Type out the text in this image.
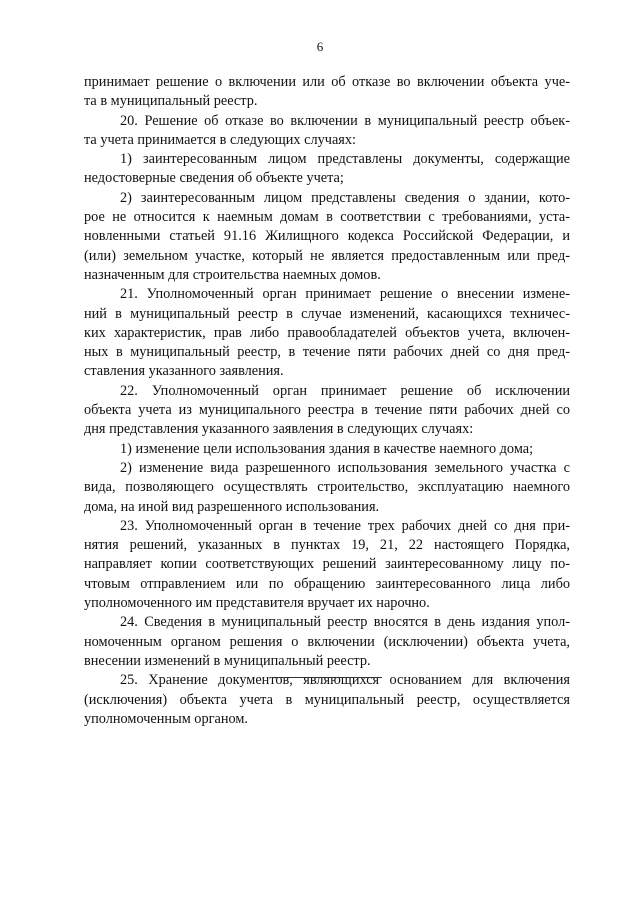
6
принимает решение о включении или об отказе во включении объекта уче-
та в муниципальный реестр.
20. Решение об отказе во включении в муниципальный реестр объек-
та учета принимается в следующих случаях:
1) заинтересованным лицом представлены документы, содержащие
недостоверные сведения об объекте учета;
2) заинтересованным лицом представлены сведения о здании, кото-
рое не относится к наемным домам в соответствии с требованиями, уста-
новленными статьей 91.16 Жилищного кодекса Российской Федерации, и
(или) земельном участке, который не является предоставленным или пред-
назначенным для строительства наемных домов.
21. Уполномоченный орган принимает решение о внесении измене-
ний в муниципальный реестр в случае изменений, касающихся техничес-
ких характеристик, прав либо правообладателей объектов учета, включен-
ных в муниципальный реестр, в течение пяти рабочих дней со дня пред-
ставления указанного заявления.
22. Уполномоченный орган принимает решение об исключении
объекта учета из муниципального реестра в течение пяти рабочих дней со
дня представления указанного заявления в следующих случаях:
1) изменение цели использования здания в качестве наемного дома;
2) изменение вида разрешенного использования земельного участка с
вида, позволяющего осуществлять строительство, эксплуатацию наемного
дома, на иной вид разрешенного использования.
23. Уполномоченный орган в течение трех рабочих дней со дня при-
нятия решений, указанных в пунктах 19, 21, 22 настоящего Порядка,
направляет копии соответствующих решений заинтересованному лицу по-
чтовым отправлением или по обращению заинтересованного лица либо
уполномоченного им представителя вручает их нарочно.
24. Сведения в муниципальный реестр вносятся в день издания упол-
номоченным органом решения о включении (исключении) объекта учета,
внесении изменений в муниципальный реестр.
25. Хранение документов, являющихся основанием для включения
(исключения) объекта учета в муниципальный реестр, осуществляется
уполномоченным органом.
